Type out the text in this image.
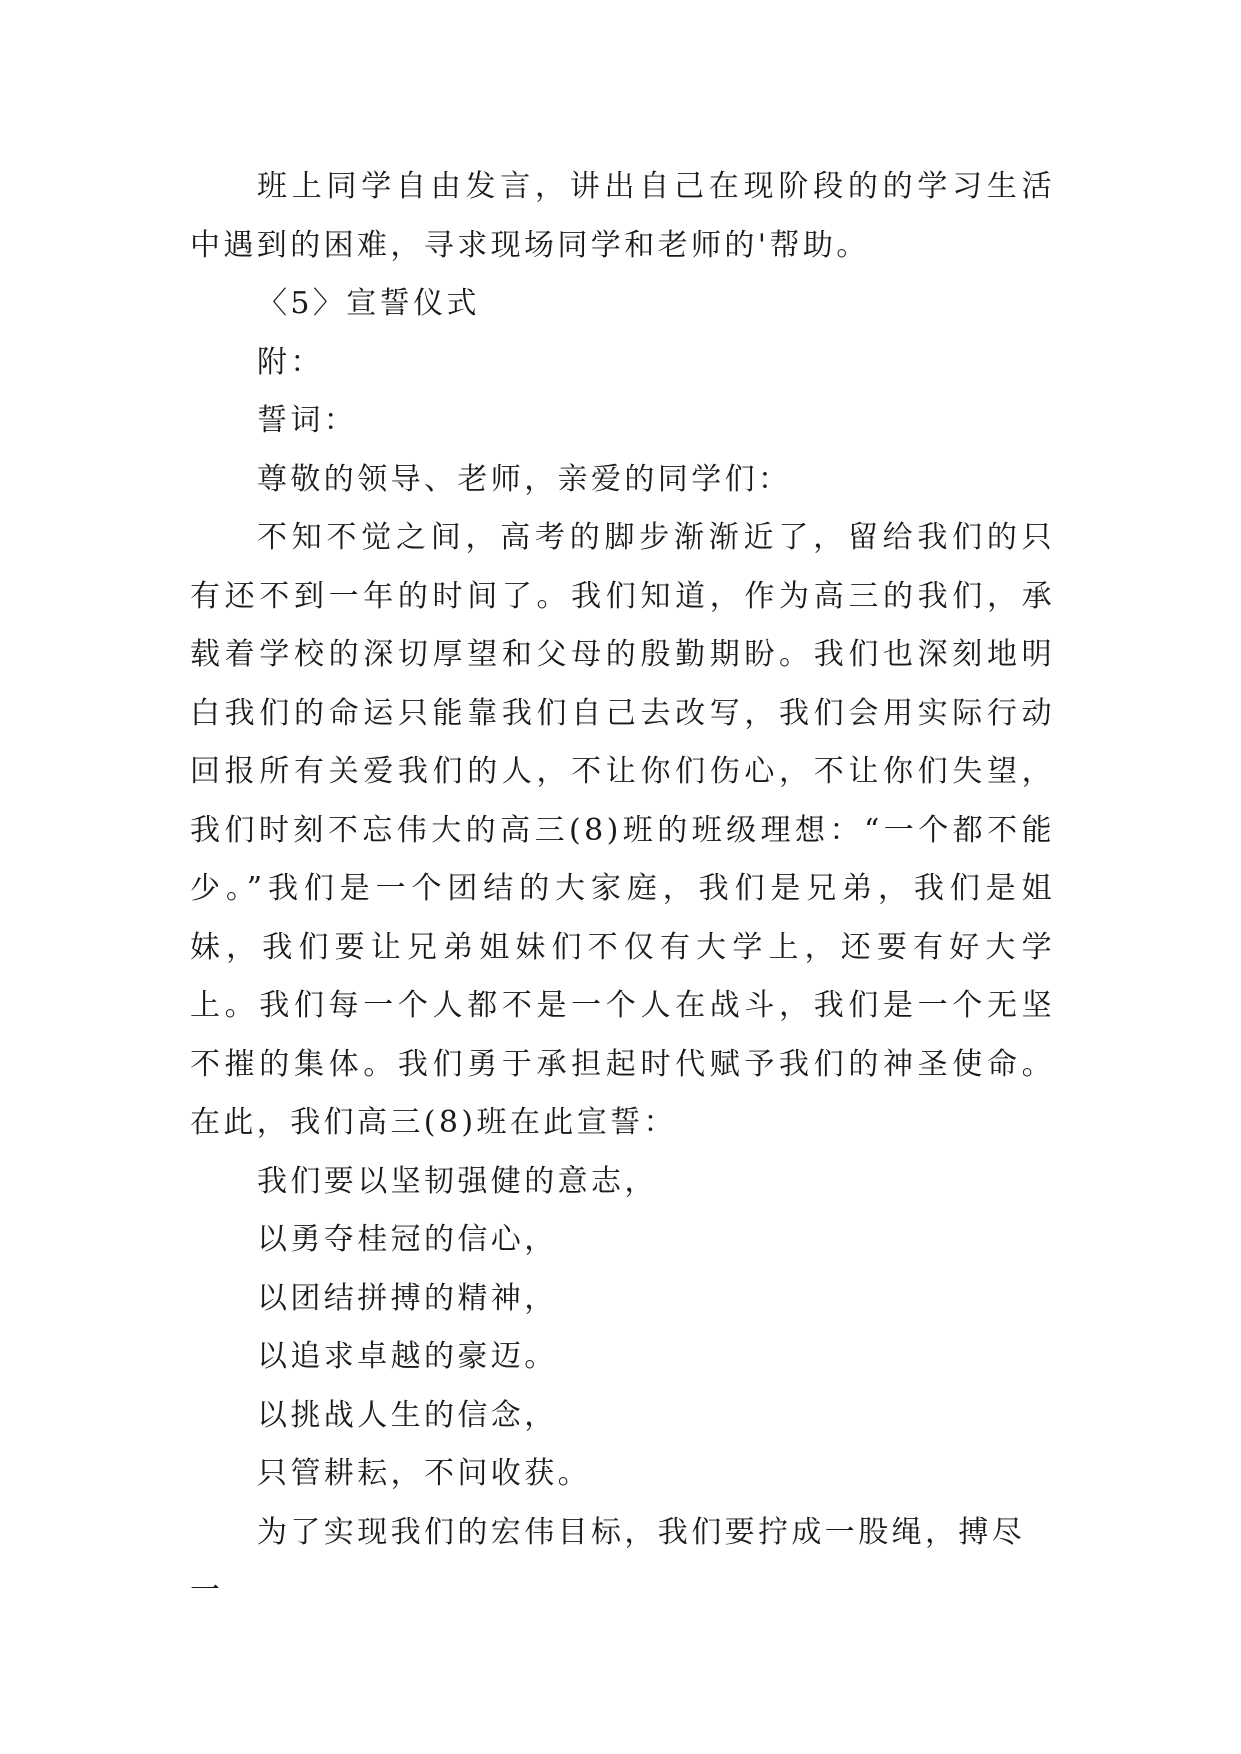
班上同学自由发言，讲出自己在现阶段的的学习生活中遇到的困难，寻求现场同学和老师的'帮助。

〈5〉宣誓仪式

附：

誓词：

尊敬的领导、老师，亲爱的同学们：

不知不觉之间，高考的脚步渐渐近了，留给我们的只有还不到一年的时间了。我们知道，作为高三的我们，承载着学校的深切厚望和父母的殷勤期盼。我们也深刻地明白我们的命运只能靠我们自己去改写，我们会用实际行动回报所有关爱我们的人，不让你们伤心，不让你们失望，我们时刻不忘伟大的高三(8)班的班级理想：“一个都不能少。”我们是一个团结的大家庭，我们是兄弟，我们是姐妹，我们要让兄弟姐妹们不仅有大学上，还要有好大学上。我们每一个人都不是一个人在战斗，我们是一个无坚不摧的集体。我们勇于承担起时代赋予我们的神圣使命。在此，我们高三(8)班在此宣誓：

我们要以坚韧强健的意志，

以勇夺桂冠的信心，

以团结拼搏的精神，

以追求卓越的豪迈。

以挑战人生的信念，

只管耕耘，不问收获。

为了实现我们的宏伟目标，我们要拧成一股绳，搏尽一
